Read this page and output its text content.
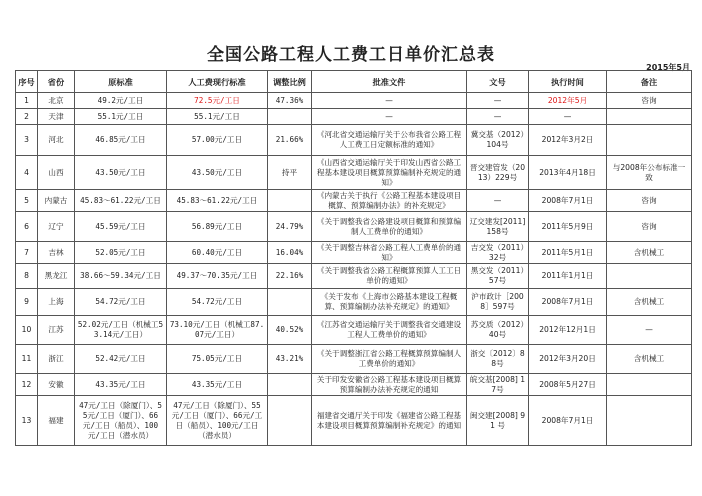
全国公路工程人工费工日单价汇总表
2015年5月
序号	省份	原标准	人工费现行标准	调整比例	批准文件	文号	执行时间	备注
1	北京	49.2元/工日	72.5元/工日	47.36%	—	—	2012年5月	咨询
2	天津	55.1元/工日	55.1元/工日		—	—	—	
3	河北	46.85元/工日	57.00元/工日	21.66%	《河北省交通运输厅关于公布我省公路工程人工费工日定额标准的通知》	冀交基（2012）104号	2012年3月2日	
4	山西	43.50元/工日	43.50元/工日	持平	《山西省交通运输厅关于印发山西省公路工程基本建设项目概算预算编制补充规定的通知》	晋交建管发（2013）229号	2013年4月18日	与2008年公布标准一致
5	内蒙古	45.83～61.22元/工日	45.83～61.22元/工日		《内蒙古关于执行《公路工程基本建设项目概算、预算编制办法》的补充规定》	—	2008年7月1日	咨询
6	辽宁	45.59元/工日	56.89元/工日	24.79%	《关于调整我省公路建设项目概算和预算编制人工费单价的通知》	辽交建发[2011]158号	2011年5月9日	咨询
7	吉林	52.05元/工日	60.40元/工日	16.04%	《关于调整吉林省公路工程人工费单价的通知》	吉交发（2011）32号	2011年5月1日	含机械工
8	黑龙江	38.66～59.34元/工日	49.37～70.35元/工日	22.16%	《关于调整我省公路工程概算预算人工工日单价的通知》	黑交发（2011）57号	2011年1月1日	
9	上海	54.72元/工日	54.72元/工日		《关于发布《上海市公路基本建设工程概算、预算编制办法补充规定》的通知》	沪市政计［2008］597号	2008年7月1日	含机械工
10	江苏	52.02元/工日（机械工53.14元/工日）	73.10元/工日（机械工87.07元/工日）	40.52%	《江苏省交通运输厅关于调整我省交通建设工程人工费单价的通知》	苏交质（2012）40号	2012年12月1日	—
11	浙江	52.42元/工日	75.05元/工日	43.21%	《关于调整浙江省公路工程概算预算编制人工费单价的通知》	浙交〔2012〕88号	2012年3月20日	含机械工
12	安徽	43.35元/工日	43.35元/工日		关于印发安徽省公路工程基本建设项目概算预算编制办法补充规定的通知	皖交基[2008] 17号	2008年5月27日	
13	福建	47元/工日（除厦门）、55元/工日（厦门）、66元/工日（船员）、100元/工日（潜水员）	47元/工日（除厦门）、55元/工日（厦门）、66元/工日（船员）、100元/工日（潜水员）		福建省交通厅关于印发《福建省公路工程基本建设项目概算预算编制补充规定》的通知	闽交建[2008] 91 号	2008年7月1日	
